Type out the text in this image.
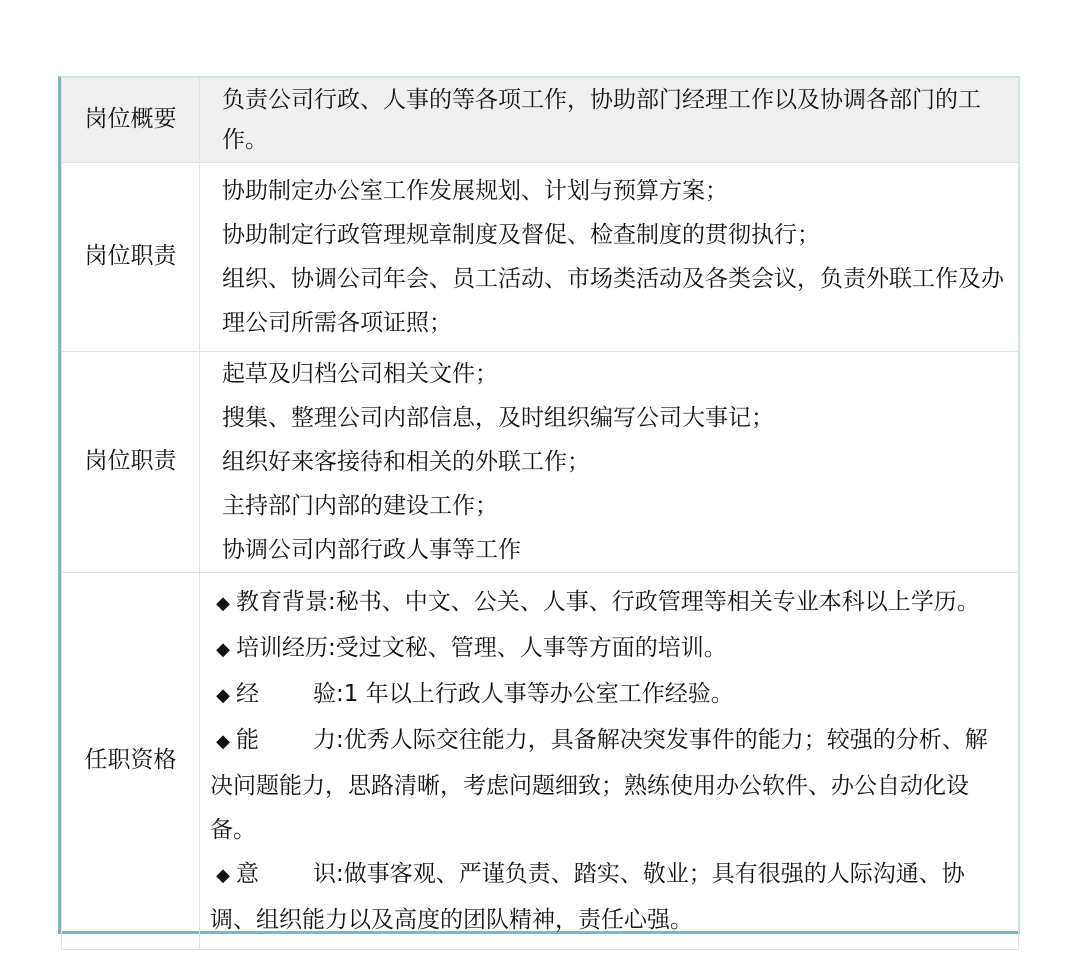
岗位概要	负责公司行政、人事的等各项工作，协助部门经理工作以及协调各部门的工作。

岗位职责	协助制定办公室工作发展规划、计划与预算方案；
协助制定行政管理规章制度及督促、检查制度的贯彻执行；
组织、协调公司年会、员工活动、市场类活动及各类会议，负责外联工作及办理公司所需各项证照；

岗位职责	起草及归档公司相关文件；
搜集、整理公司内部信息，及时组织编写公司大事记；
组织好来客接待和相关的外联工作；
主持部门内部的建设工作；
协调公司内部行政人事等工作

任职资格	◆ 教育背景:秘书、中文、公关、人事、行政管理等相关专业本科以上学历。
◆ 培训经历:受过文秘、管理、人事等方面的培训。
◆ 经 验:1 年以上行政人事等办公室工作经验。
◆ 能 力:优秀人际交往能力，具备解决突发事件的能力；较强的分析、解决问题能力，思路清晰，考虑问题细致；熟练使用办公软件、办公自动化设备。
◆ 意 识:做事客观、严谨负责、踏实、敬业；具有很强的人际沟通、协调、组织能力以及高度的团队精神，责任心强。
